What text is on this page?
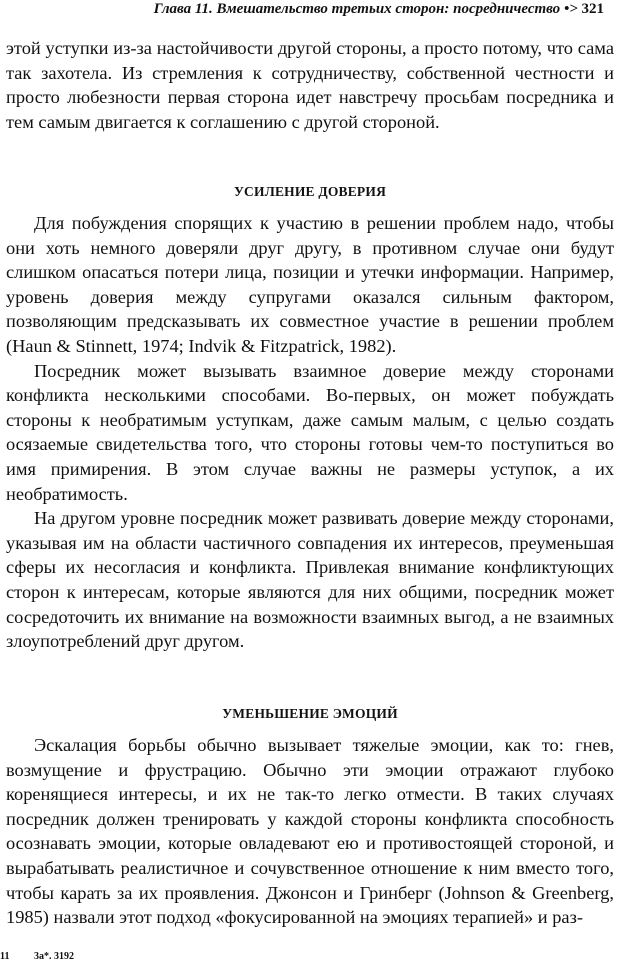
Глава 11. Вмешательство третьих сторон: посредничество •> 321

этой уступки из-за настойчивости другой стороны, а просто потому, что сама так захотела. Из стремления к сотрудничеству, собственной честности и просто любезности первая сторона идет навстречу просьбам посредника и тем самым двигается к соглашению с другой стороной.

УСИЛЕНИЕ ДОВЕРИЯ

Для побуждения спорящих к участию в решении проблем надо, чтобы они хоть немного доверяли друг другу, в противном случае они будут слишком опасаться потери лица, позиции и утечки информации. Например, уровень доверия между супругами оказался сильным фактором, позволяющим предсказывать их совместное участие в решении проблем (Haun & Stinnett, 1974; Indvik & Fitzpatrick, 1982).

Посредник может вызывать взаимное доверие между сторонами конфликта несколькими способами. Во-первых, он может побуждать стороны к необратимым уступкам, даже самым малым, с целью создать осязаемые свидетельства того, что стороны готовы чем-то поступиться во имя примирения. В этом случае важны не размеры уступок, а их необратимость.

На другом уровне посредник может развивать доверие между сторонами, указывая им на области частичного совпадения их интересов, преуменьшая сферы их несогласия и конфликта. Привлекая внимание конфликтующих сторон к интересам, которые являются для них общими, посредник может сосредоточить их внимание на возможности взаимных выгод, а не взаимных злоупотреблений друг другом.

УМЕНЬШЕНИЕ ЭМОЦИЙ

Эскалация борьбы обычно вызывает тяжелые эмоции, как то: гнев, возмущение и фрустрацию. Обычно эти эмоции отражают глубоко коренящиеся интересы, и их не так-то легко отмести. В таких случаях посредник должен тренировать у каждой стороны конфликта способность осознавать эмоции, которые овладевают ею и противостоящей стороной, и вырабатывать реалистичное и сочувственное отношение к ним вместо того, чтобы карать за их проявления. Джонсон и Гринберг (Johnson & Greenberg, 1985) назвали этот подход «фокусированной на эмоциях терапией» и раз-

11 3а*. 3192
